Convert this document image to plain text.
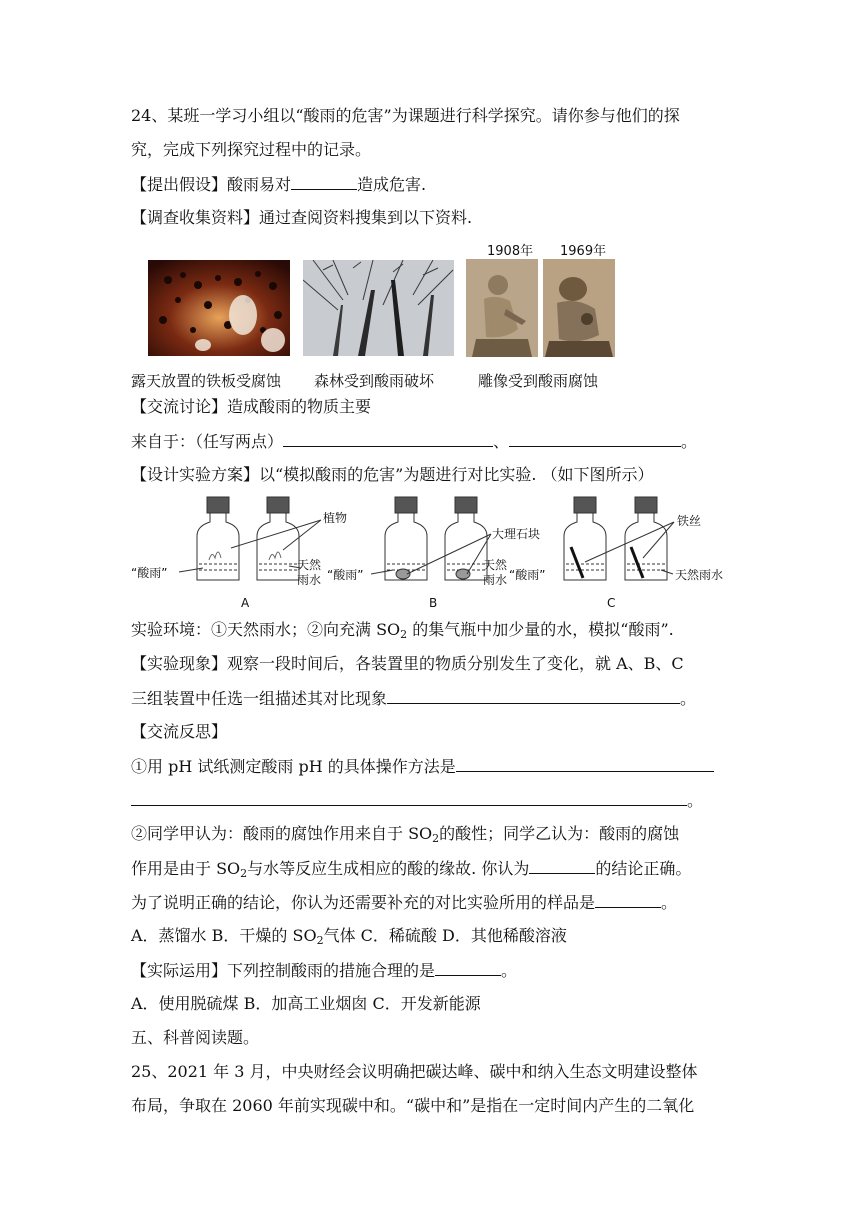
24、某班一学习小组以“酸雨的危害”为课题进行科学探究。请你参与他们的探
究，完成下列探究过程中的记录。
【提出假设】酸雨易对	造成危害.
【调查收集资料】通过查阅资料搜集到以下资料.
1908年 1969年
露天放置的铁板受腐蚀 森林受到酸雨破坏	雕像受到酸雨腐蚀
【交流讨论】造成酸雨的物质主要
来自于：（任写两点）	、	。
【设计实验方案】以“模拟酸雨的危害”为题进行对比实验. （如下图所示）
“酸雨”
植物
天然
雨水 “酸雨”
大理石块
天然
雨水 “酸雨”
铁丝
天然雨水
A	B	C
实验环境：①天然雨水；②向充满 $SO_2$ 的集气瓶中加少量的水，模拟“酸雨”.
【实验现象】观察一段时间后，各装置里的物质分别发生了变化，就 A、B、C
三组装置中任选一组描述其对比现象	。
【交流反思】
①用 pH 试纸测定酸雨 pH 的具体操作方法是
。
②同学甲认为：酸雨的腐蚀作用来自于 $SO_2$的酸性；同学乙认为：酸雨的腐蚀
作用是由于 $SO_2$与水等反应生成相应的酸的缘故. 你认为	的结论正确。
为了说明正确的结论，你认为还需要补充的对比实验所用的样品是	。
A．蒸馏水 B．干燥的 $SO_2$气体 C．稀硫酸 D．其他稀酸溶液
【实际运用】下列控制酸雨的措施合理的是	。
A．使用脱硫煤 B．加高工业烟囱 C．开发新能源
五、科普阅读题。
25、2021 年 3 月，中央财经会议明确把碳达峰、碳中和纳入生态文明建设整体
布局，争取在 2060 年前实现碳中和。“碳中和”是指在一定时间内产生的二氧化
